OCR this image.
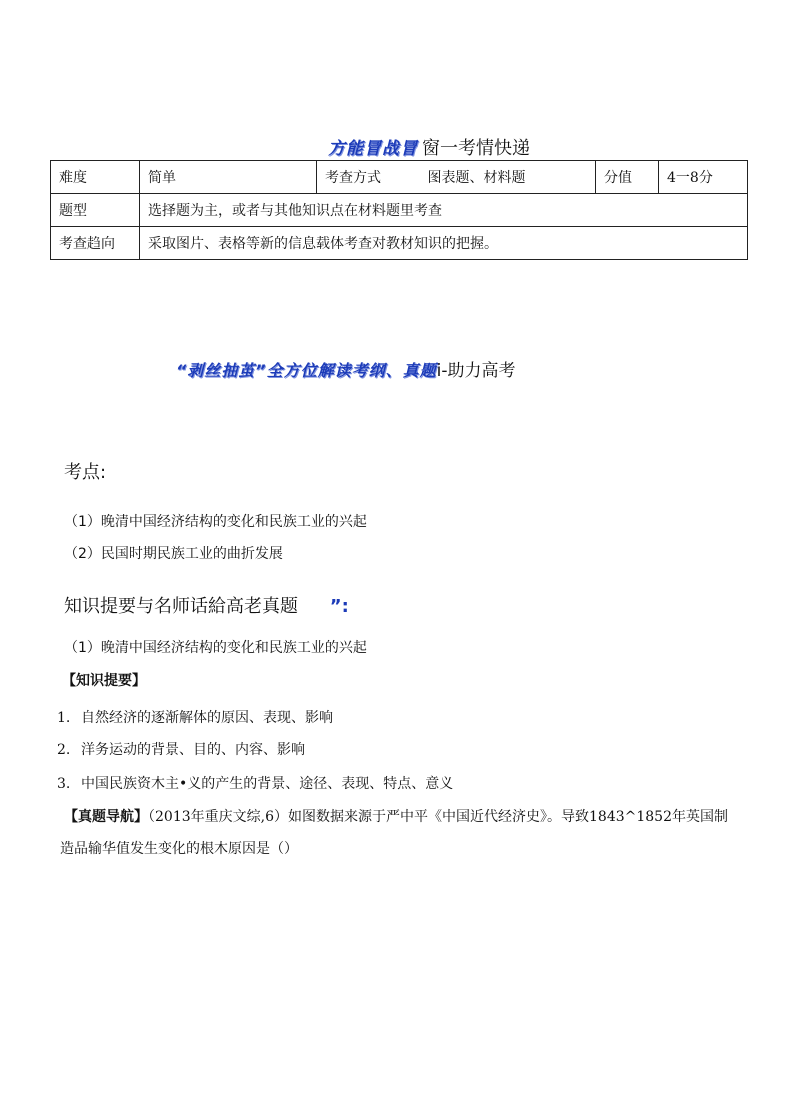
方能冒战冒 窗一考情快递
难度	简单	考查方式 图表题、材料题	分值	4一8分
题型	选择题为主，或者与其他知识点在材料题里考查			
考查趋向	采取图片、表格等新的信息载体考查对教材知识的把握。			
“剥丝抽茧”全方位解读考纲、真题i-助力高考
考点:
（1）晚清中国经济结构的变化和民族工业的兴起
（2）民国时期民族工业的曲折发展
知识提要与名师话給高老真题 ”:
（1）晚清中国经济结构的变化和民族工业的兴起
【知识提要】
1. 自然经济的逐渐解体的原因、表现、影响
2. 洋务运动的背景、目的、内容、影响
3. 中国民族资木主•义的产生的背景、途径、表现、特点、意义
【真题导航】（2013年重庆文综,6）如图数据来源于严中平《中国近代经济史》。导致1843^1852年英国制
造品输华值发生变化的根木原因是（）
